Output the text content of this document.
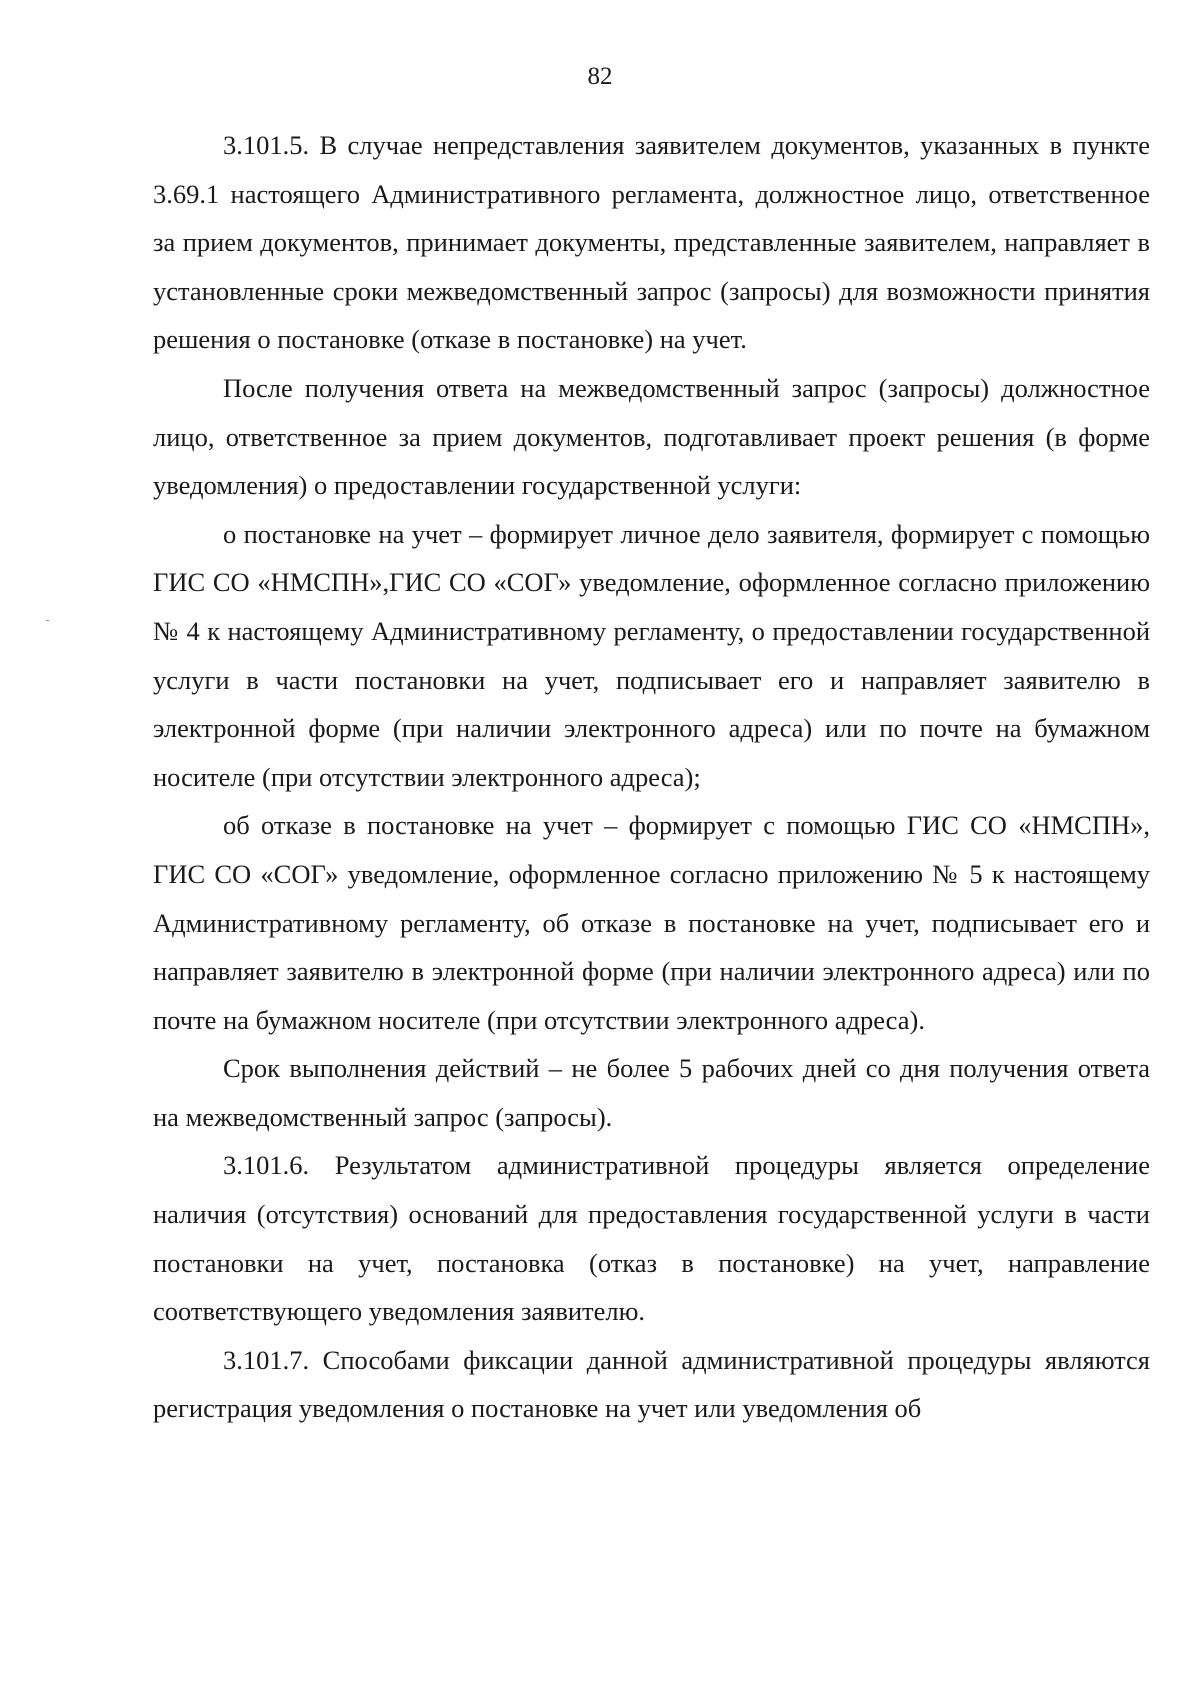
82

3.101.5. В случае непредставления заявителем документов, указанных в пункте 3.69.1 настоящего Административного регламента, должностное лицо, ответственное за прием документов, принимает документы, представленные заявителем, направляет в установленные сроки межведомственный запрос (запросы) для возможности принятия решения о постановке (отказе в постановке) на учет.

После получения ответа на межведомственный запрос (запросы) должностное лицо, ответственное за прием документов, подготавливает проект решения (в форме уведомления) о предоставлении государственной услуги:

о постановке на учет – формирует личное дело заявителя, формирует с помощью ГИС СО «НМСПН»,ГИС СО «СОГ» уведомление, оформленное согласно приложению № 4 к настоящему Административному регламенту, о предоставлении государственной услуги в части постановки на учет, подписывает его и направляет заявителю в электронной форме (при наличии электронного адреса) или по почте на бумажном носителе (при отсутствии электронного адреса);

об отказе в постановке на учет – формирует с помощью ГИС СО «НМСПН», ГИС СО «СОГ» уведомление, оформленное согласно приложению № 5 к настоящему Административному регламенту, об отказе в постановке на учет, подписывает его и направляет заявителю в электронной форме (при наличии электронного адреса) или по почте на бумажном носителе (при отсутствии электронного адреса).

Срок выполнения действий – не более 5 рабочих дней со дня получения ответа на межведомственный запрос (запросы).

3.101.6. Результатом административной процедуры является определение наличия (отсутствия) оснований для предоставления государственной услуги в части постановки на учет, постановка (отказ в постановке) на учет, направление соответствующего уведомления заявителю.

3.101.7. Способами фиксации данной административной процедуры являются регистрация уведомления о постановке на учет или уведомления об
